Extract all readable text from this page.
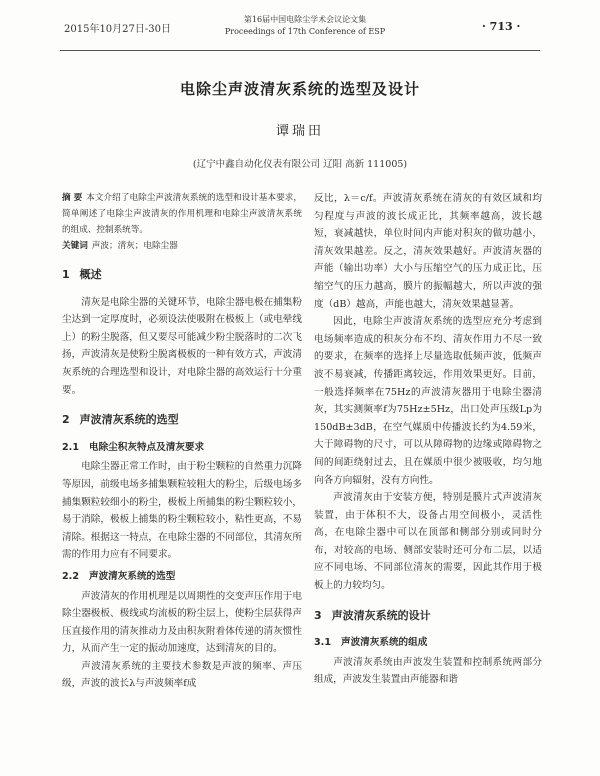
2015年10月27日-30日
第16届中国电除尘学术会议论文集
Proceedings of 17th Conference of ESP	· 713 ·
电除尘声波清灰系统的选型及设计
谭瑞田
(辽宁中鑫自动化仪表有限公司 辽阳 高新 111005)
摘 要 本文介绍了电除尘声波清灰系统的选型和设计基本要求，简单阐述了电除尘声波清灰的作用机理和电除尘声波清灰系统的组成、控制系统等。
关键词 声波；清灰；电除尘器
1 概述

清灰是电除尘器的关键环节，电除尘器电极在捕集粉尘达到一定厚度时，必须设法使吸附在极板上（或电晕线上）的粉尘脱落，但又要尽可能减少粉尘脱落时的二次飞扬，声波清灰是使粉尘脱离极板的一种有效方式，声波清灰系统的合理选型和设计，对电除尘器的高效运行十分重要。

2 声波清灰系统的选型
2.1 电除尘积灰特点及清灰要求

电除尘器正常工作时，由于粉尘颗粒的自然重力沉降等原因，前级电场多捕集颗粒较粗大的粉尘，后级电场多捕集颗粒较细小的粉尘，极板上所捕集的粉尘颗粒较小，易于消除，极板上捕集的粉尘颗粒较小，粘性更高，不易清除。根据这一特点，在电除尘器的不同部位，其清灰所需的作用力应有不同要求。

2.2 声波清灰系统的选型

声波清灰的作用机理是以周期性的交变声压作用于电除尘器极板、极线或均流板的粉尘层上，使粉尘层获得声压直接作用的清灰推动力及由积灰附着体传递的清灰惯性力，从而产生一定的振动加速度，达到清灰的目的。

声波清灰系统的主要技术参数是声波的频率、声压级，声波的波长λ与声波频率f成

反比，λ＝c/f。声波清灰系统在清灰的有效区域和均匀程度与声波的波长成正比，其频率越高，波长越短，衰减越快，单位时间内声能对积灰的做功越小，清灰效果越差。反之，清灰效果越好。声波清灰器的声能（输出功率）大小与压缩空气的压力成正比，压缩空气的压力越高，膜片的振幅越大，所以声波的强度（dB）越高，声能也越大，清灰效果越显著。

因此，电除尘声波清灰系统的选型应充分考虑到电场频率造成的积灰分布不均、清灰作用力不尽一致的要求，在频率的选择上尽量选取低频声波，低频声波不易衰减，传播距离较远，作用效果更好。目前，一般选择频率在75Hz的声波清灰器用于电除尘器清灰，其实测频率f为75Hz±5Hz，出口处声压级Lp为150dB±3dB，在空气媒质中传播波长约为4.59米，大于障碍物的尺寸，可以从障碍物的边缘或障碍物之间的间距绕射过去，且在媒质中很少被吸收，均匀地向各方向辐射，没有方向性。

声波清灰由于安装方便，特别是膜片式声波清灰装置，由于体积不大，设备占用空间极小，灵活性高，在电除尘器中可以在顶部和侧部分别或同时分布，对较高的电场、侧部安装时还可分布二层，以适应不同电场、不同部位清灰的需要，因此其作用于极板上的力较均匀。

3 声波清灰系统的设计
3.1 声波清灰系统的组成

声波清灰系统由声波发生装置和控制系统两部分组成，声波发生装置由声能器和谐
